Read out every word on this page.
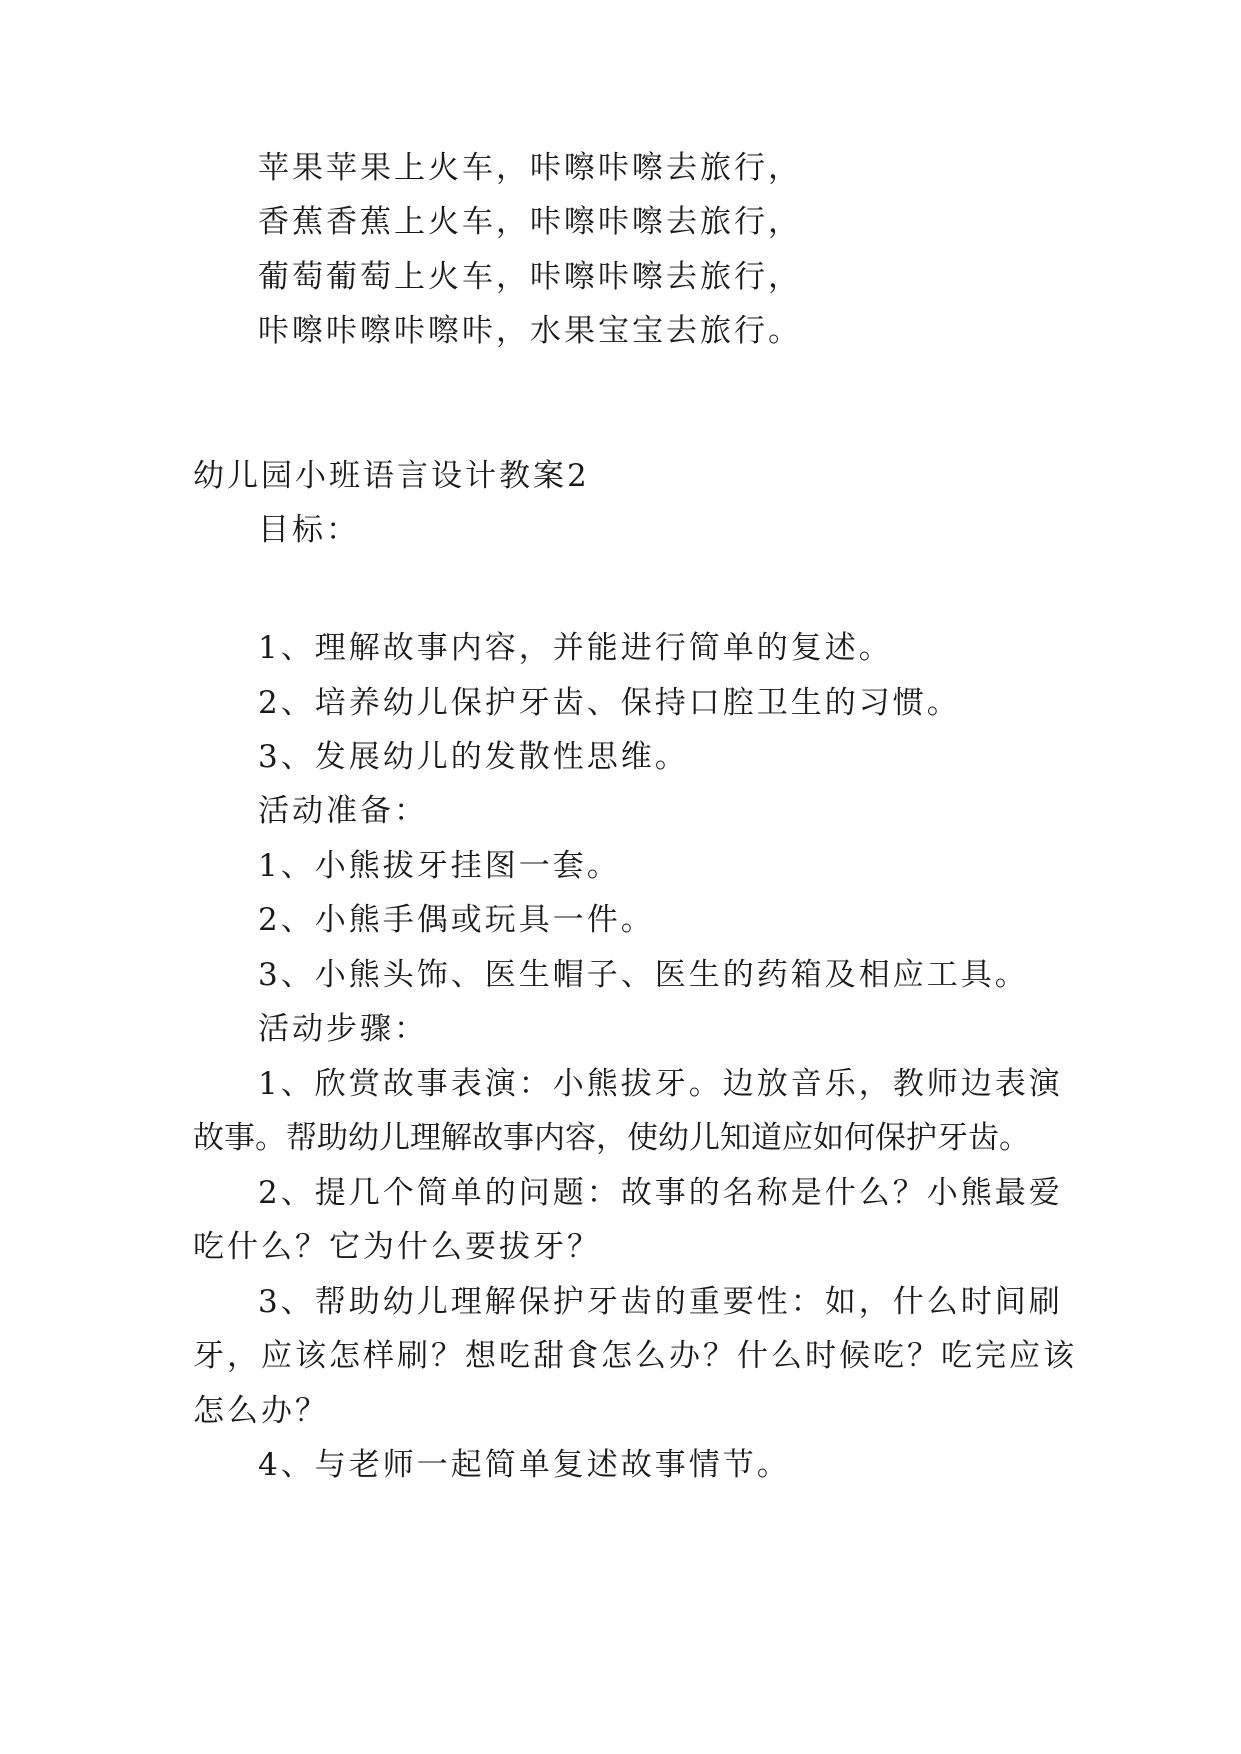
苹果苹果上火车，咔嚓咔嚓去旅行，
香蕉香蕉上火车，咔嚓咔嚓去旅行，
葡萄葡萄上火车，咔嚓咔嚓去旅行，
咔嚓咔嚓咔嚓咔，水果宝宝去旅行。
幼儿园小班语言设计教案2
目标：
1、理解故事内容，并能进行简单的复述。
2、培养幼儿保护牙齿、保持口腔卫生的习惯。
3、发展幼儿的发散性思维。
活动准备：
1、小熊拔牙挂图一套。
2、小熊手偶或玩具一件。
3、小熊头饰、医生帽子、医生的药箱及相应工具。
活动步骤：
1、欣赏故事表演：小熊拔牙。边放音乐，教师边表演
故事。帮助幼儿理解故事内容，使幼儿知道应如何保护牙齿。
2、提几个简单的问题：故事的名称是什么？小熊最爱
吃什么？它为什么要拔牙？
3、帮助幼儿理解保护牙齿的重要性：如，什么时间刷
牙，应该怎样刷？想吃甜食怎么办？什么时候吃？吃完应该
怎么办？
4、与老师一起简单复述故事情节。
